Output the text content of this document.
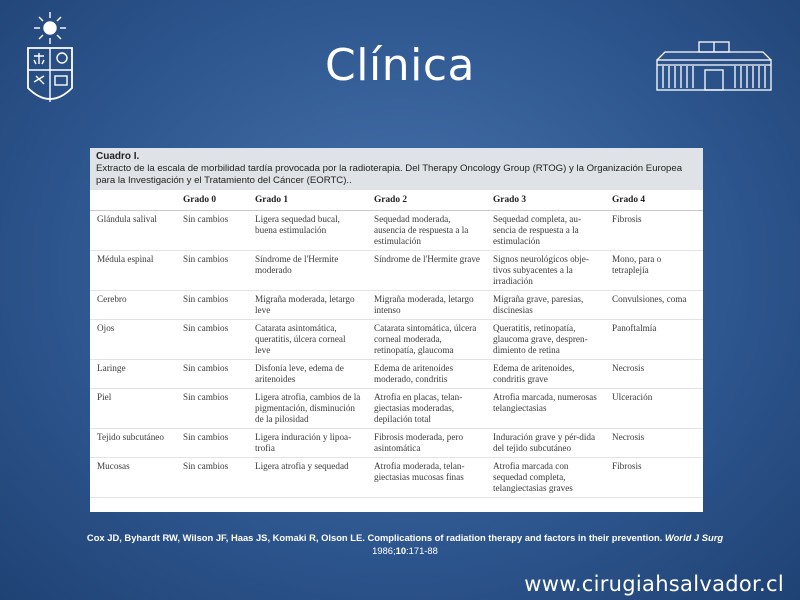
Clínica
Cuadro I.
Extracto de la escala de morbilidad tardía provocada por la radioterapia. Del Therapy Oncology Group (RTOG) y la Organización Europea para la Investigación y el Tratamiento del Cáncer (EORTC)..
	Grado 0	Grado 1	Grado 2	Grado 3	Grado 4
Glándula salival	Sin cambios	Ligera sequedad bucal, buena estimulación	Sequedad moderada, ausencia de respuesta a la estimulación	Sequedad completa, au-sencia de respuesta a la estimulación	Fibrosis
Médula espinal	Sin cambios	Síndrome de l'Hermite moderado	Síndrome de l'Hermite grave	Signos neurológicos obje-tivos subyacentes a la irradiación	Mono, para o tetraplejía
Cerebro	Sin cambios	Migraña moderada, letargo leve	Migraña moderada, letargo intenso	Migraña grave, paresias, discinesias	Convulsiones, coma
Ojos	Sin cambios	Catarata asintomática, queratitis, úlcera corneal leve	Catarata sintomática, úlcera corneal moderada, retinopatía, glaucoma	Queratitis, retinopatía, glaucoma grave, despren-dimiento de retina	Panoftalmía
Laringe	Sin cambios	Disfonía leve, edema de aritenoides	Edema de aritenoides moderado, condritis	Edema de aritenoides, condritis grave	Necrosis
Piel	Sin cambios	Ligera atrofia, cambios de la pigmentación, disminución de la pilosidad	Atrofia en placas, telan-giectasias moderadas, depilación total	Atrofia marcada, numerosas telangiectasias	Ulceración
Tejido subcutáneo	Sin cambios	Ligera induración y lipoa-trofia	Fibrosis moderada, pero asintomática	Induración grave y pér-dida del tejido subcutáneo	Necrosis
Mucosas	Sin cambios	Ligera atrofia y sequedad	Atrofia moderada, telan-giectasias mucosas finas	Atrofia marcada con sequedad completa, telangiectasias graves	Fibrosis
Cox JD, Byhardt RW, Wilson JF, Haas JS, Komaki R, Olson LE. Complications of radiation therapy and factors in their prevention. World J Surg 1986;10:171-88
www.cirugiahsalvador.cl
